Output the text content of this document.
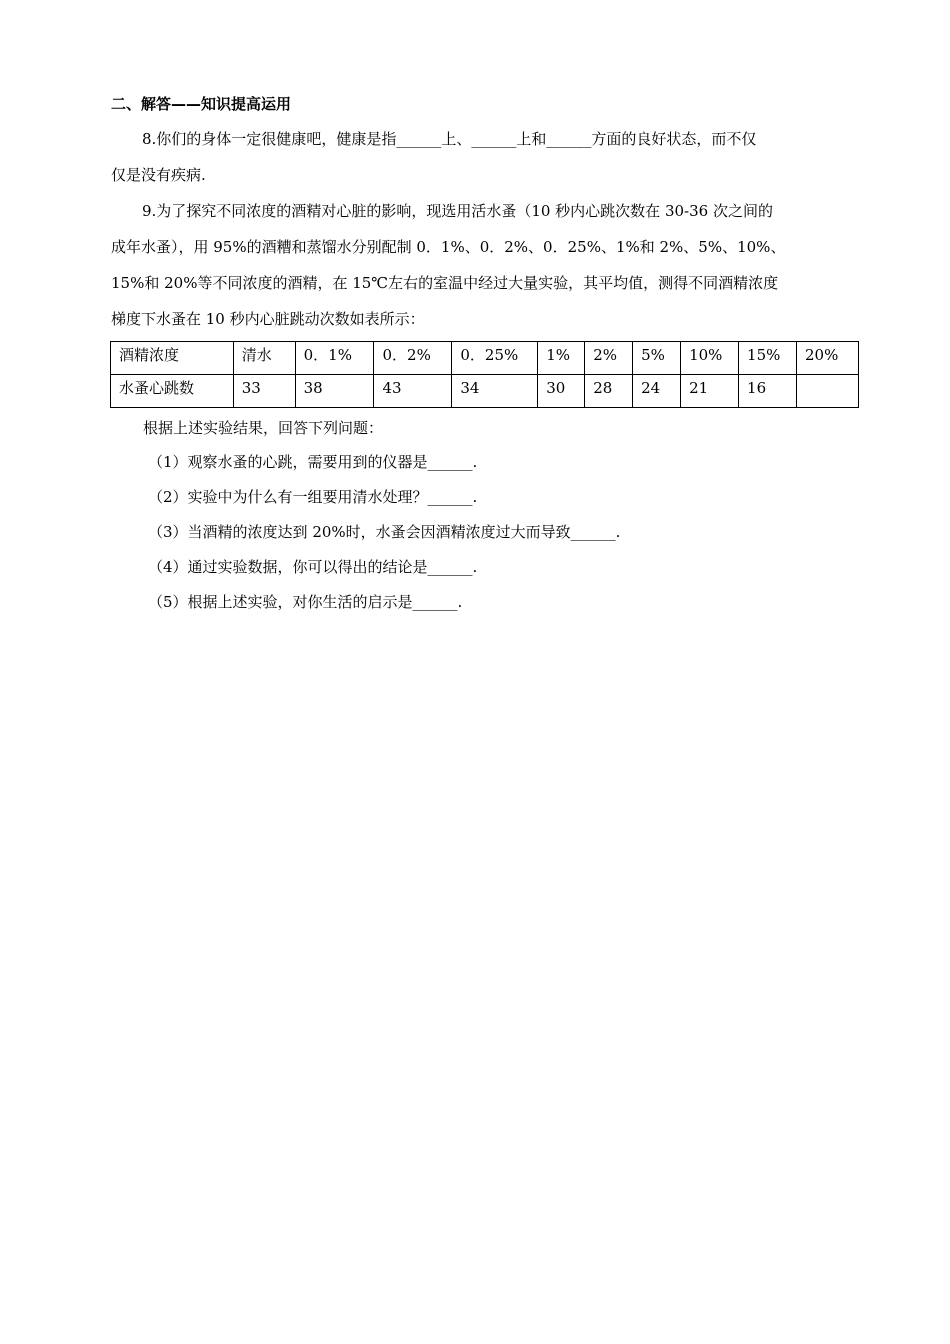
二、解答——知识提高运用
8.你们的身体一定很健康吧，健康是指______上、______上和______方面的良好状态，而不仅
仅是没有疾病.
9.为了探究不同浓度的酒精对心脏的影响，现选用活水蚤（10 秒内心跳次数在 30-36 次之间的
成年水蚤），用 95%的酒糟和蒸馏水分别配制 0．1%、0．2%、0．25%、1%和 2%、5%、10%、
15%和 20%等不同浓度的酒精，在 15℃左右的室温中经过大量实验，其平均值，测得不同酒精浓度
梯度下水蚤在 10 秒内心脏跳动次数如表所示：
酒精浓度	清水	0．1%	0．2%	0．25%	1%	2%	5%	10%	15%	20%
水蚤心跳数	33	38	43	34	30	28	24	21	16	
根据上述实验结果，回答下列问题：
（1）观察水蚤的心跳，需要用到的仪器是______.
（2）实验中为什么有一组要用清水处理？______.
（3）当酒精的浓度达到 20%时，水蚤会因酒精浓度过大而导致______.
（4）通过实验数据，你可以得出的结论是______.
（5）根据上述实验，对你生活的启示是______.
